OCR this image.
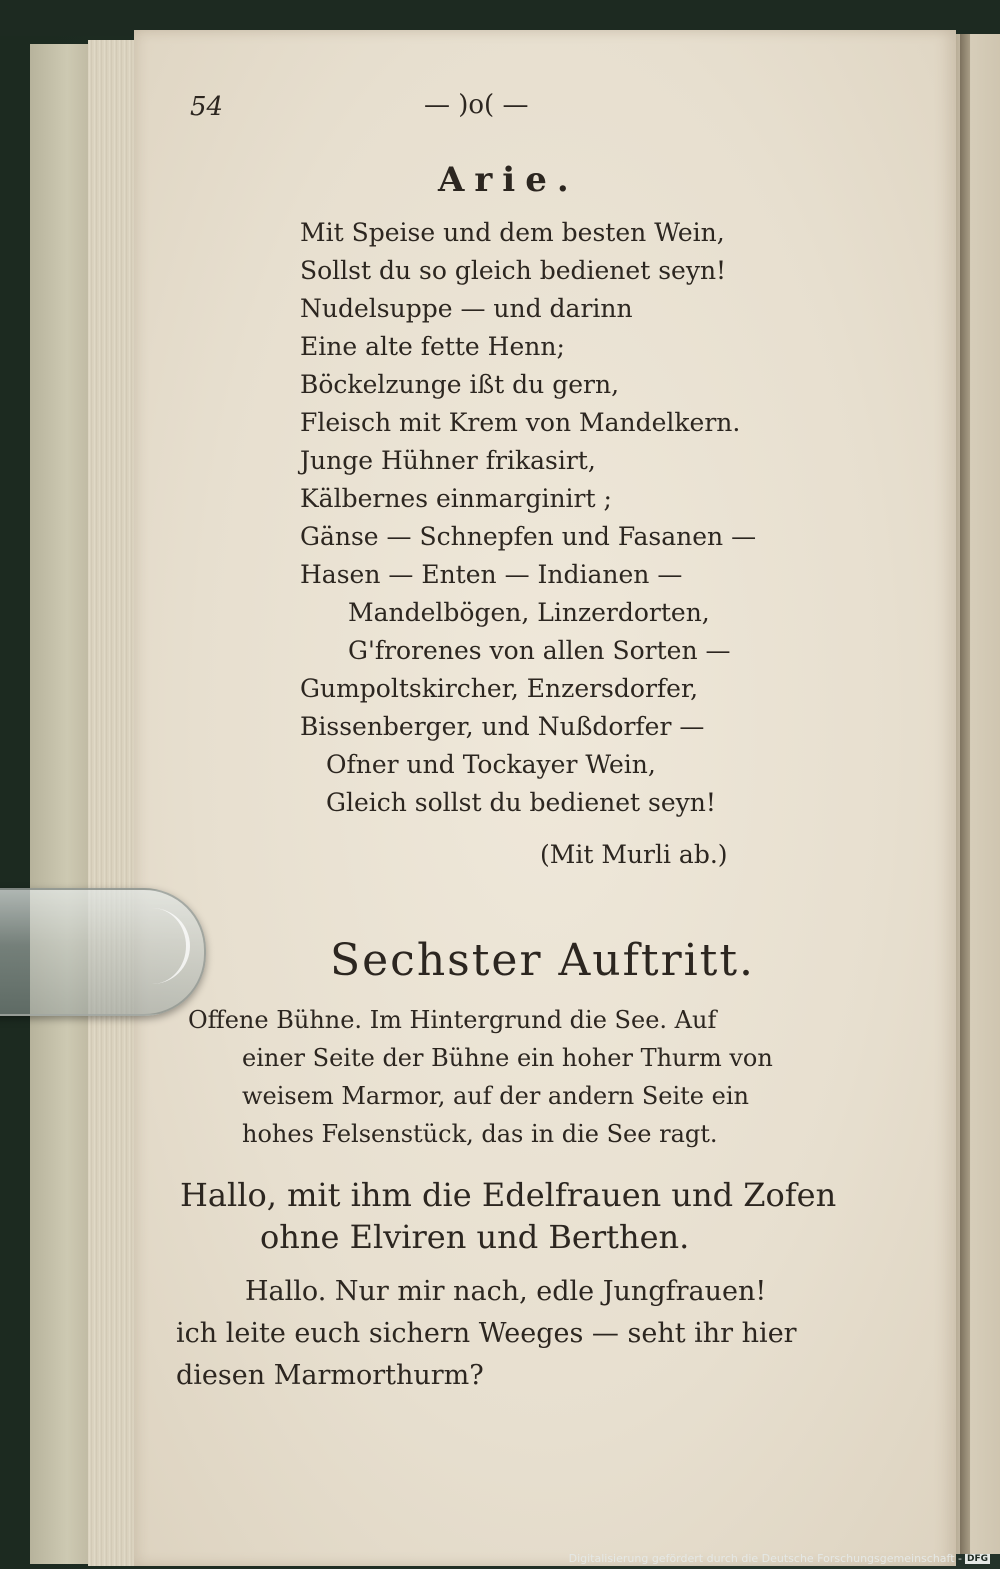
54	— )o( —
Arie.
Mit Speise und dem besten Wein,
Sollst du so gleich bedienet seyn!
Nudelsuppe — und darinn
Eine alte fette Henn;
Böckelzunge ißt du gern,
Fleisch mit Krem von Mandelkern.
Junge Hühner frikasirt,
Kälbernes einmarginirt ;
Gänse — Schnepfen und Fasanen —
Hasen — Enten — Indianen —
Mandelbögen, Linzerdorten,
G'frorenes von allen Sorten —
Gumpoltskircher, Enzersdorfer,
Bissenberger, und Nußdorfer —
Ofner und Tockayer Wein,
Gleich sollst du bedienet seyn!
(Mit Murli ab.)
Sechster Auftritt.
Offene Bühne. Im Hintergrund die See. Auf
einer Seite der Bühne ein hoher Thurm von
weisem Marmor, auf der andern Seite ein
hohes Felsenstück, das in die See ragt.
Hallo, mit ihm die Edelfrauen und Zofen
ohne Elviren und Berthen.
Hallo. Nur mir nach, edle Jungfrauen!
ich leite euch sichern Weeges — seht ihr hier
diesen Marmorthurm?
Digitalisierung gefördert durch die Deutsche Forschungsgemeinschaft - DFG
